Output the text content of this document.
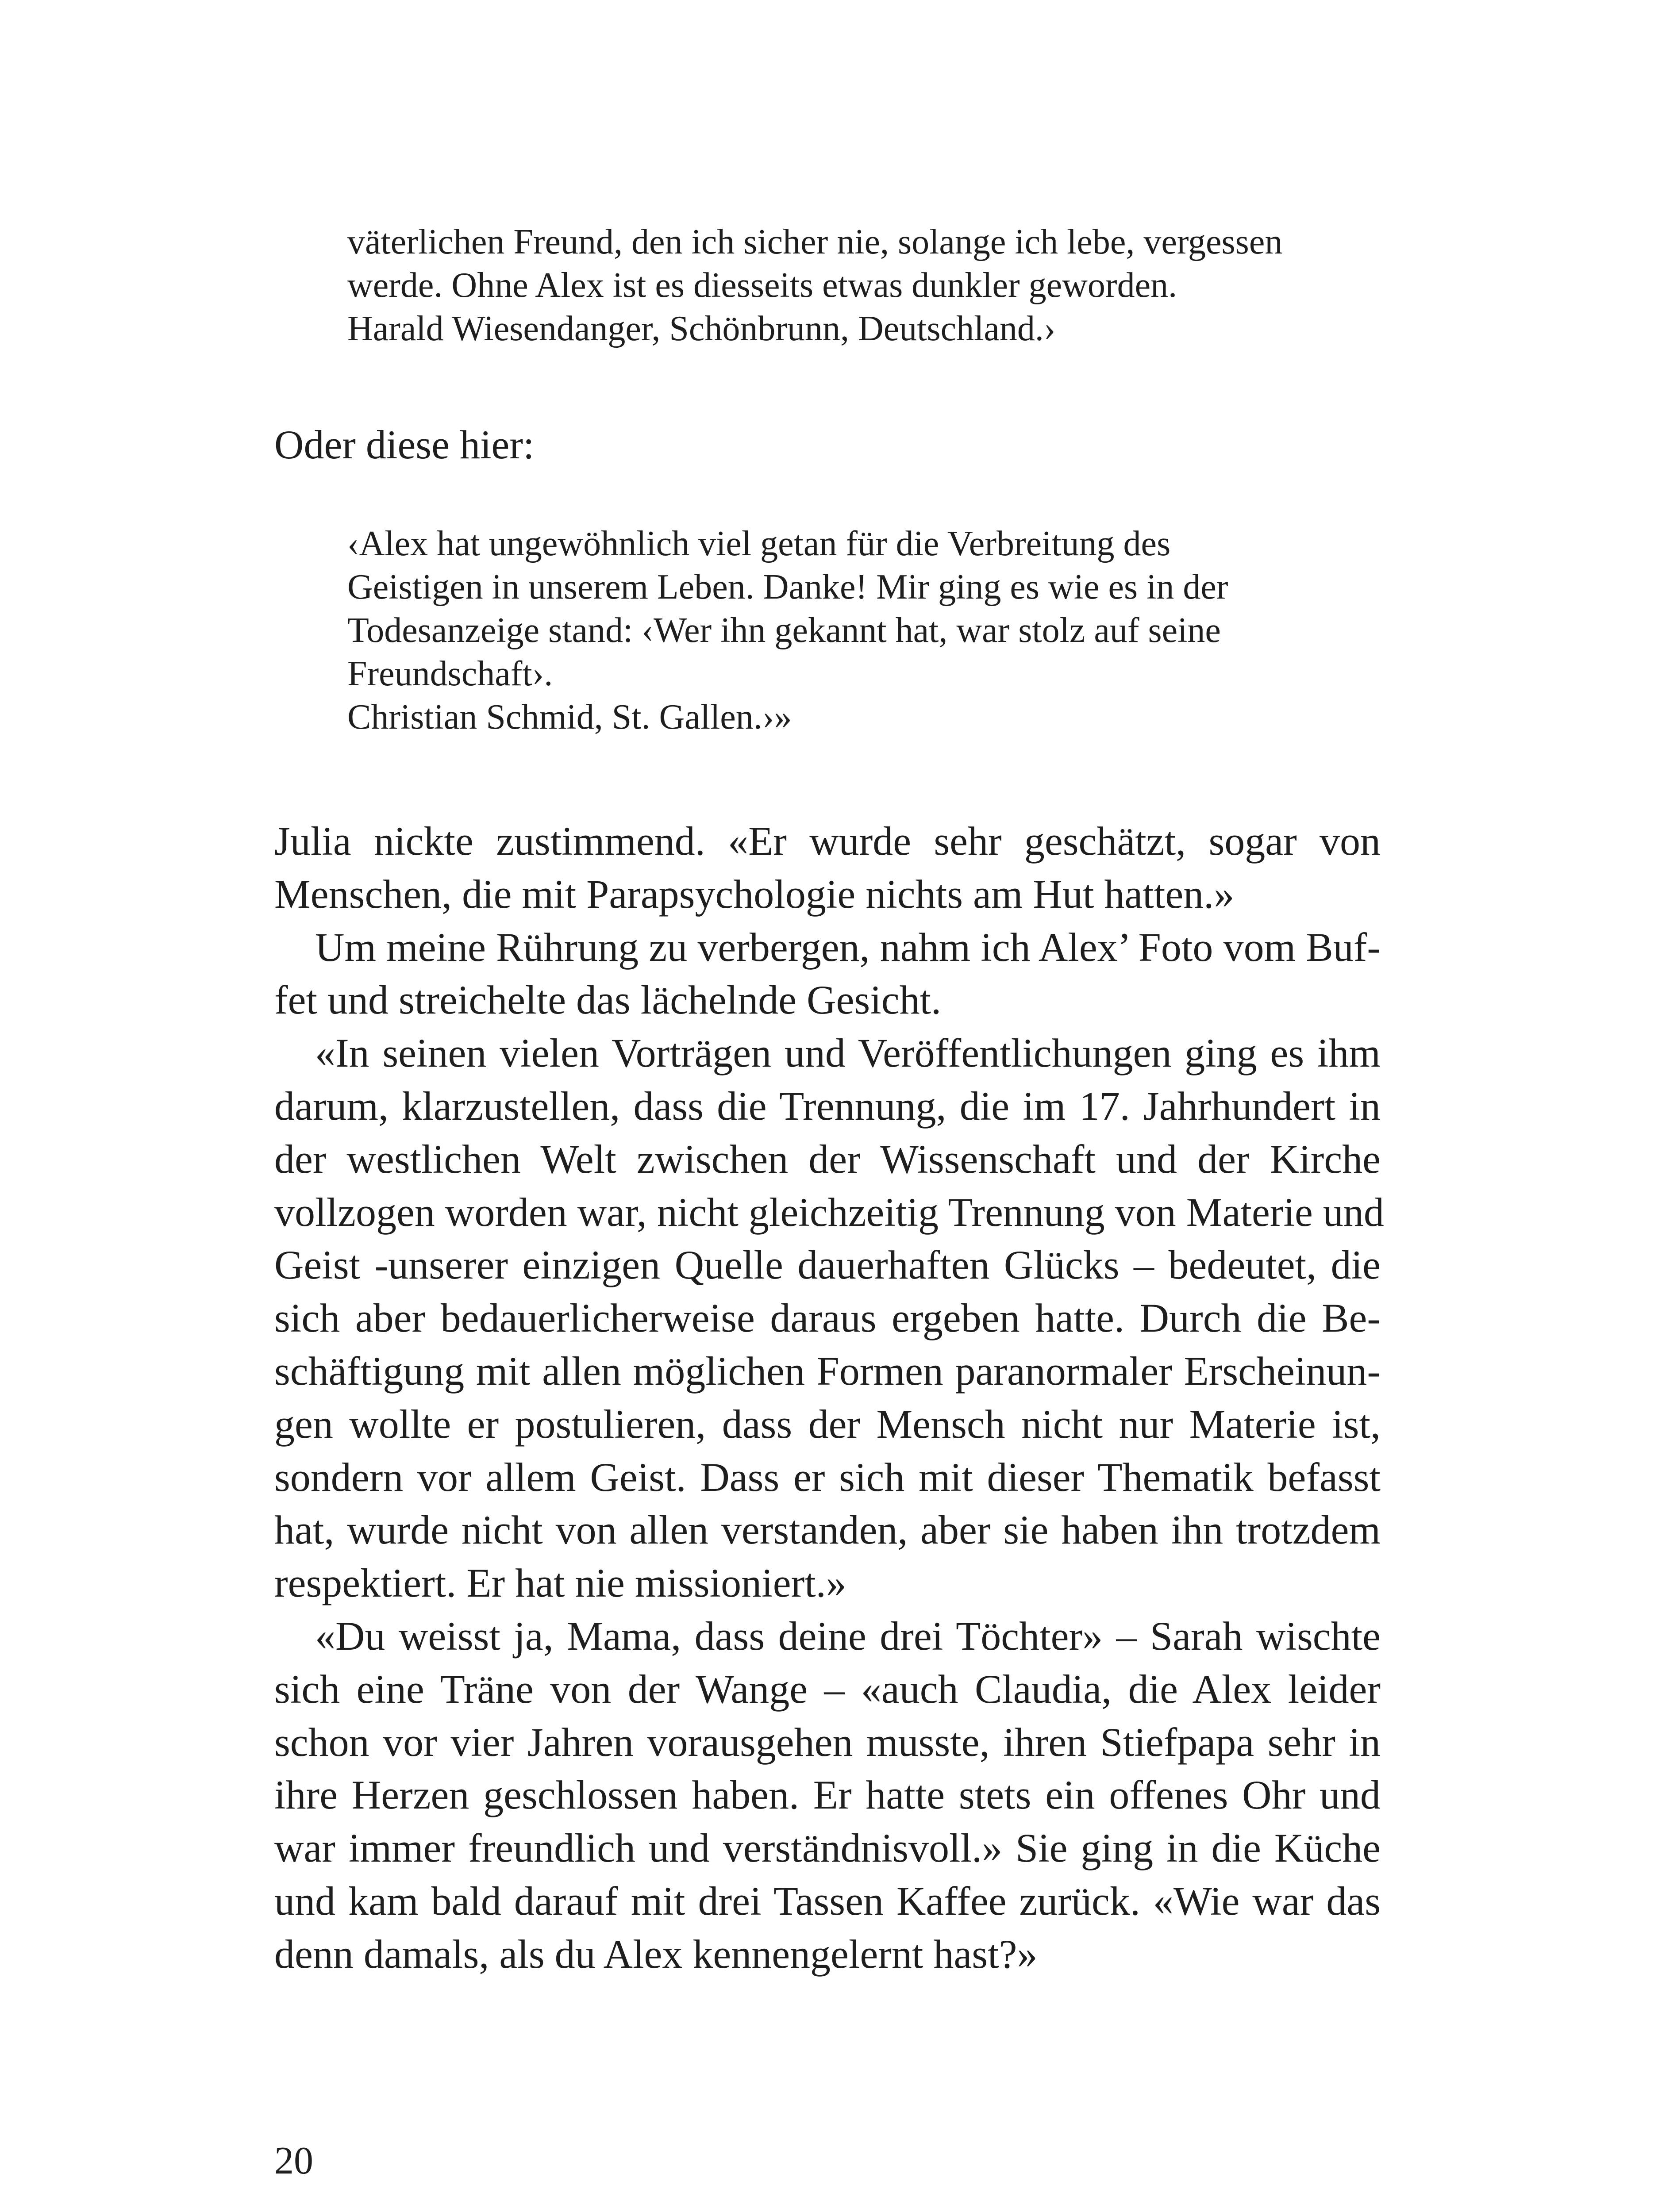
väterlichen Freund, den ich sicher nie, solange ich lebe, vergessen
werde. Ohne Alex ist es diesseits etwas dunkler geworden.
Harald Wiesendanger, Schönbrunn, Deutschland.›
Oder diese hier:
‹Alex hat ungewöhnlich viel getan für die Verbreitung des
Geistigen in unserem Leben. Danke! Mir ging es wie es in der
Todesanzeige stand: ‹Wer ihn gekannt hat, war stolz auf seine
Freundschaft›.
Christian Schmid, St. Gallen.›»
Julia nickte zustimmend. «Er wurde sehr geschätzt, sogar von
Menschen, die mit Parapsychologie nichts am Hut hatten.»
Um meine Rührung zu verbergen, nahm ich Alex’ Foto vom Buf-
fet und streichelte das lächelnde Gesicht.
«In seinen vielen Vorträgen und Veröffentlichungen ging es ihm
darum, klarzustellen, dass die Trennung, die im 17. Jahrhundert in
der westlichen Welt zwischen der Wissenschaft und der Kirche
vollzogen worden war, nicht gleichzeitig Trennung von Materie und
Geist -unserer einzigen Quelle dauerhaften Glücks – bedeutet, die
sich aber bedauerlicherweise daraus ergeben hatte. Durch die Be-
schäftigung mit allen möglichen Formen paranormaler Erscheinun-
gen wollte er postulieren, dass der Mensch nicht nur Materie ist,
sondern vor allem Geist. Dass er sich mit dieser Thematik befasst
hat, wurde nicht von allen verstanden, aber sie haben ihn trotzdem
respektiert. Er hat nie missioniert.»
«Du weisst ja, Mama, dass deine drei Töchter» – Sarah wischte
sich eine Träne von der Wange – «auch Claudia, die Alex leider
schon vor vier Jahren vorausgehen musste, ihren Stiefpapa sehr in
ihre Herzen geschlossen haben. Er hatte stets ein offenes Ohr und
war immer freundlich und verständnisvoll.» Sie ging in die Küche
und kam bald darauf mit drei Tassen Kaffee zurück. «Wie war das
denn damals, als du Alex kennengelernt hast?»
20
